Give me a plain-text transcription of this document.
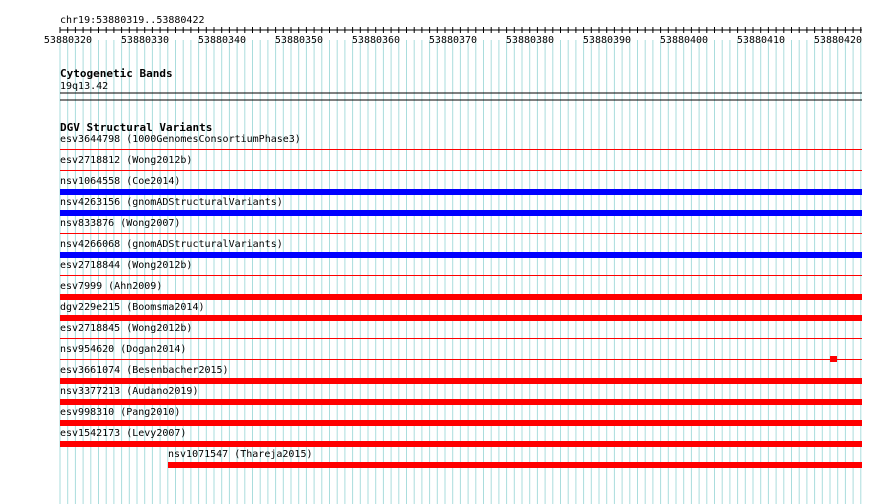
chr19:53880319..53880422
53880320	53880330	53880340	53880350	53880360	53880370	53880380	53880390	53880400	53880410	53880420
Cytogenetic Bands
19q13.42
DGV Structural Variants
esv3644798 (1000GenomesConsortiumPhase3)
esv2718812 (Wong2012b)
nsv1064558 (Coe2014)
nsv4263156 (gnomADStructuralVariants)
nsv833876 (Wong2007)
nsv4266068 (gnomADStructuralVariants)
esv2718844 (Wong2012b)
esv7999 (Ahn2009)
dgv229e215 (Boomsma2014)
esv2718845 (Wong2012b)
nsv954620 (Dogan2014)
esv3661074 (Besenbacher2015)
nsv3377213 (Audano2019)
esv998310 (Pang2010)
esv1542173 (Levy2007)
nsv1071547 (Thareja2015)
